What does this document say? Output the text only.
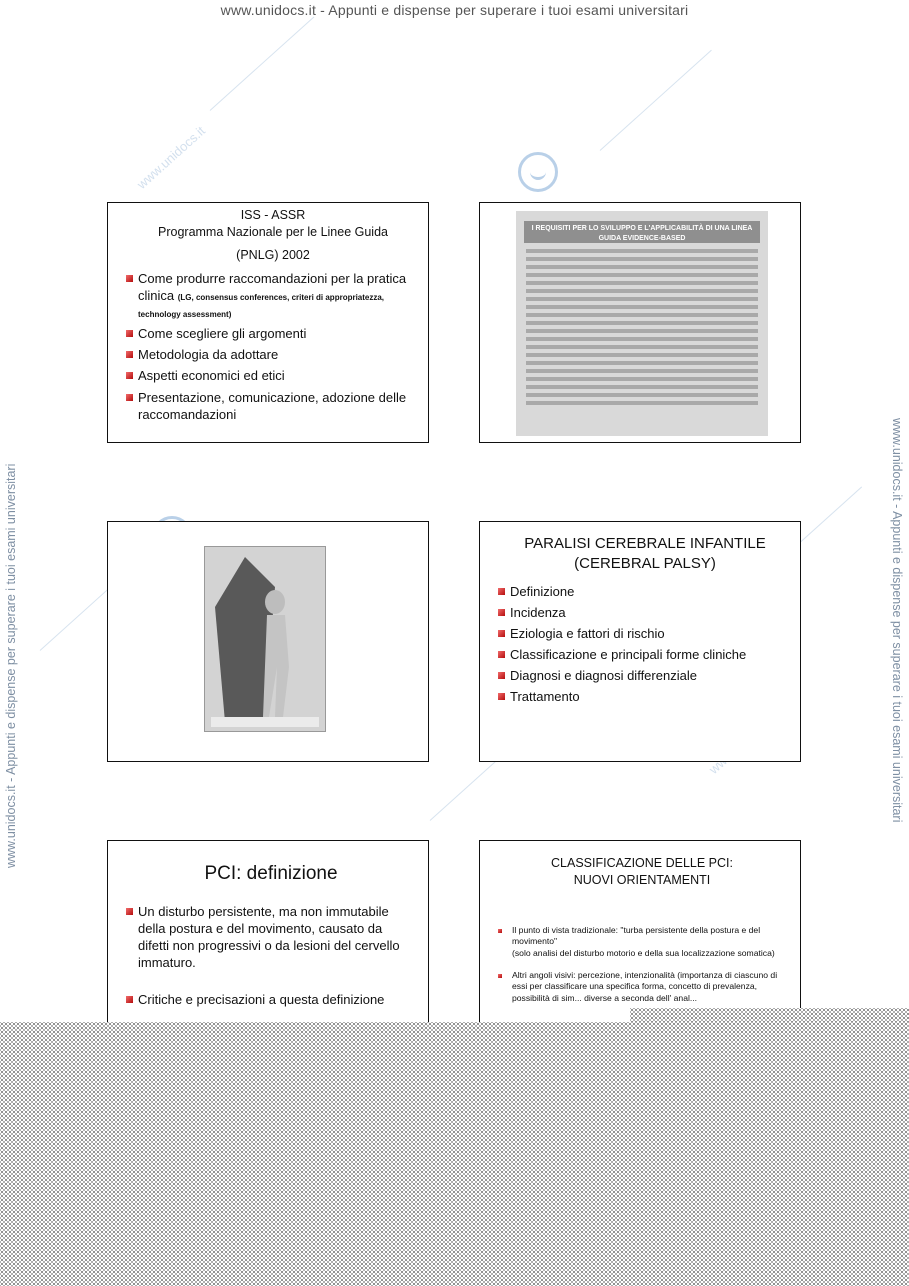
www.unidocs.it - Appunti e dispense per superare i tuoi esami universitari
www.unidocs.it
www.unidocs.it - Appunti e dispense per superare i tuoi esami universitari	www.unidocs.it - Appunti e dispense per superare i tuoi esami universitari
ISS - ASSR
Programma Nazionale per le Linee Guida
(PNLG) 2002
Come produrre raccomandazioni per la pratica clinica (LG, consensus conferences, criteri di appropriatezza, technology assessment)
Come scegliere gli argomenti
Metodologia da adottare
Aspetti economici ed etici
Presentazione, comunicazione, adozione delle raccomandazioni
I REQUISITI PER LO SVILUPPO E L'APPLICABILITÀ DI UNA LINEA GUIDA EVIDENCE-BASED
PARALISI CEREBRALE INFANTILE (CEREBRAL PALSY)
Definizione
Incidenza
Eziologia e fattori di rischio
Classificazione e principali forme cliniche
Diagnosi e diagnosi differenziale
Trattamento
PCI: definizione
Un disturbo persistente, ma non immutabile della postura e del movimento, causato da difetti non progressivi o da lesioni del cervello immaturo.
Critiche e precisazioni a questa definizione
CLASSIFICAZIONE DELLE PCI: NUOVI ORIENTAMENTI
Il punto di vista tradizionale: "turba persistente della postura e del movimento"
(solo analisi del disturbo motorio e della sua localizzazione somatica)
Altri angoli visivi: percezione, intenzionalità (importanza di ciascuno di essi per classificare una specifica forma, concetto di prevalenza, possibilità di sim... diverse a seconda dell' anal...
